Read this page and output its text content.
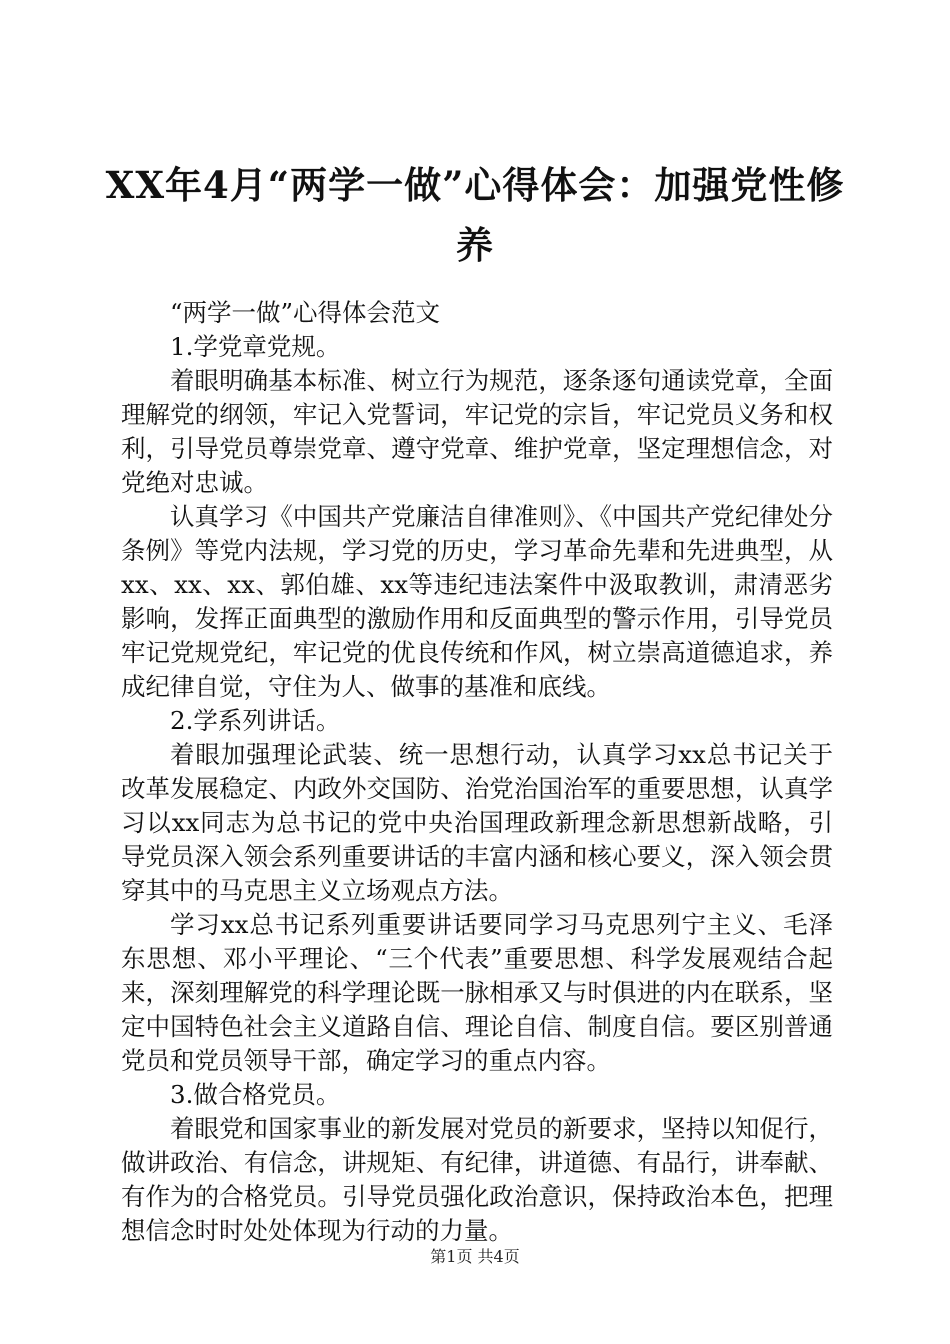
XX年4月“两学一做”心得体会：加强党性修养

“两学一做”心得体会范文

1.学党章党规。

着眼明确基本标准、树立行为规范，逐条逐句通读党章，全面理解党的纲领，牢记入党誓词，牢记党的宗旨，牢记党员义务和权利，引导党员尊崇党章、遵守党章、维护党章，坚定理想信念，对党绝对忠诚。

认真学习《中国共产党廉洁自律准则》、《中国共产党纪律处分条例》等党内法规，学习党的历史，学习革命先辈和先进典型，从xx、xx、xx、郭伯雄、xx等违纪违法案件中汲取教训，肃清恶劣影响，发挥正面典型的激励作用和反面典型的警示作用，引导党员牢记党规党纪，牢记党的优良传统和作风，树立崇高道德追求，养成纪律自觉，守住为人、做事的基准和底线。

2.学系列讲话。

着眼加强理论武装、统一思想行动，认真学习xx总书记关于改革发展稳定、内政外交国防、治党治国治军的重要思想，认真学习以xx同志为总书记的党中央治国理政新理念新思想新战略，引导党员深入领会系列重要讲话的丰富内涵和核心要义，深入领会贯穿其中的马克思主义立场观点方法。

学习xx总书记系列重要讲话要同学习马克思列宁主义、毛泽东思想、邓小平理论、“三个代表”重要思想、科学发展观结合起来，深刻理解党的科学理论既一脉相承又与时俱进的内在联系，坚定中国特色社会主义道路自信、理论自信、制度自信。要区别普通党员和党员领导干部，确定学习的重点内容。

3.做合格党员。

着眼党和国家事业的新发展对党员的新要求，坚持以知促行，做讲政治、有信念，讲规矩、有纪律，讲道德、有品行，讲奉献、有作为的合格党员。引导党员强化政治意识，保持政治本色，把理想信念时时处处体现为行动的力量。

第1页 共4页
